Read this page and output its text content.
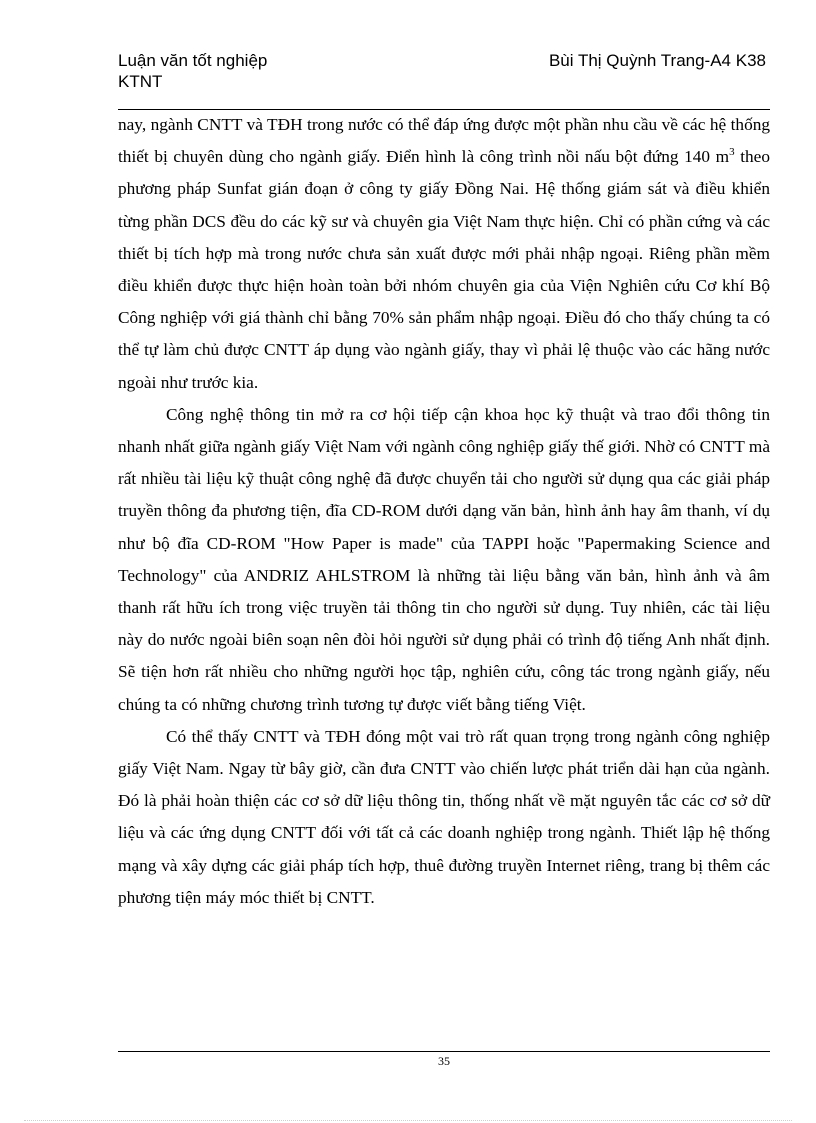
Luận văn tốt nghiệp
KTNT
Bùi Thị Quỳnh Trang-A4 K38

nay, ngành CNTT và TĐH trong nước có thể đáp ứng được một phần nhu cầu về các hệ thống thiết bị chuyên dùng cho ngành giấy. Điển hình là công trình nồi nấu bột đứng 140 $m^3$ theo phương pháp Sunfat gián đoạn ở công ty giấy Đồng Nai. Hệ thống giám sát và điều khiển từng phần DCS đều do các kỹ sư và chuyên gia Việt Nam thực hiện. Chỉ có phần cứng và các thiết bị tích hợp mà trong nước chưa sản xuất được mới phải nhập ngoại. Riêng phần mềm điều khiển được thực hiện hoàn toàn bởi nhóm chuyên gia của Viện Nghiên cứu Cơ khí Bộ Công nghiệp với giá thành chỉ bằng 70% sản phẩm nhập ngoại. Điều đó cho thấy chúng ta có thể tự làm chủ được CNTT áp dụng vào ngành giấy, thay vì phải lệ thuộc vào các hãng nước ngoài như trước kia.

Công nghệ thông tin mở ra cơ hội tiếp cận khoa học kỹ thuật và trao đổi thông tin nhanh nhất giữa ngành giấy Việt Nam với ngành công nghiệp giấy thế giới. Nhờ có CNTT mà rất nhiều tài liệu kỹ thuật công nghệ đã được chuyển tải cho người sử dụng qua các giải pháp truyền thông đa phương tiện, đĩa CD-ROM dưới dạng văn bản, hình ảnh hay âm thanh, ví dụ như bộ đĩa CD-ROM "How Paper is made" của TAPPI hoặc "Papermaking Science and Technology" của ANDRIZ AHLSTROM là những tài liệu bằng văn bản, hình ảnh và âm thanh rất hữu ích trong việc truyền tải thông tin cho người sử dụng. Tuy nhiên, các tài liệu này do nước ngoài biên soạn nên đòi hỏi người sử dụng phải có trình độ tiếng Anh nhất định. Sẽ tiện hơn rất nhiều cho những người học tập, nghiên cứu, công tác trong ngành giấy, nếu chúng ta có những chương trình tương tự được viết bằng tiếng Việt.

Có thể thấy CNTT và TĐH đóng một vai trò rất quan trọng trong ngành công nghiệp giấy Việt Nam. Ngay từ bây giờ, cần đưa CNTT vào chiến lược phát triển dài hạn của ngành. Đó là phải hoàn thiện các cơ sở dữ liệu thông tin, thống nhất về mặt nguyên tắc các cơ sở dữ liệu và các ứng dụng CNTT đối với tất cả các doanh nghiệp trong ngành. Thiết lập hệ thống mạng và xây dựng các giải pháp tích hợp, thuê đường truyền Internet riêng, trang bị thêm các phương tiện máy móc thiết bị CNTT.

35
